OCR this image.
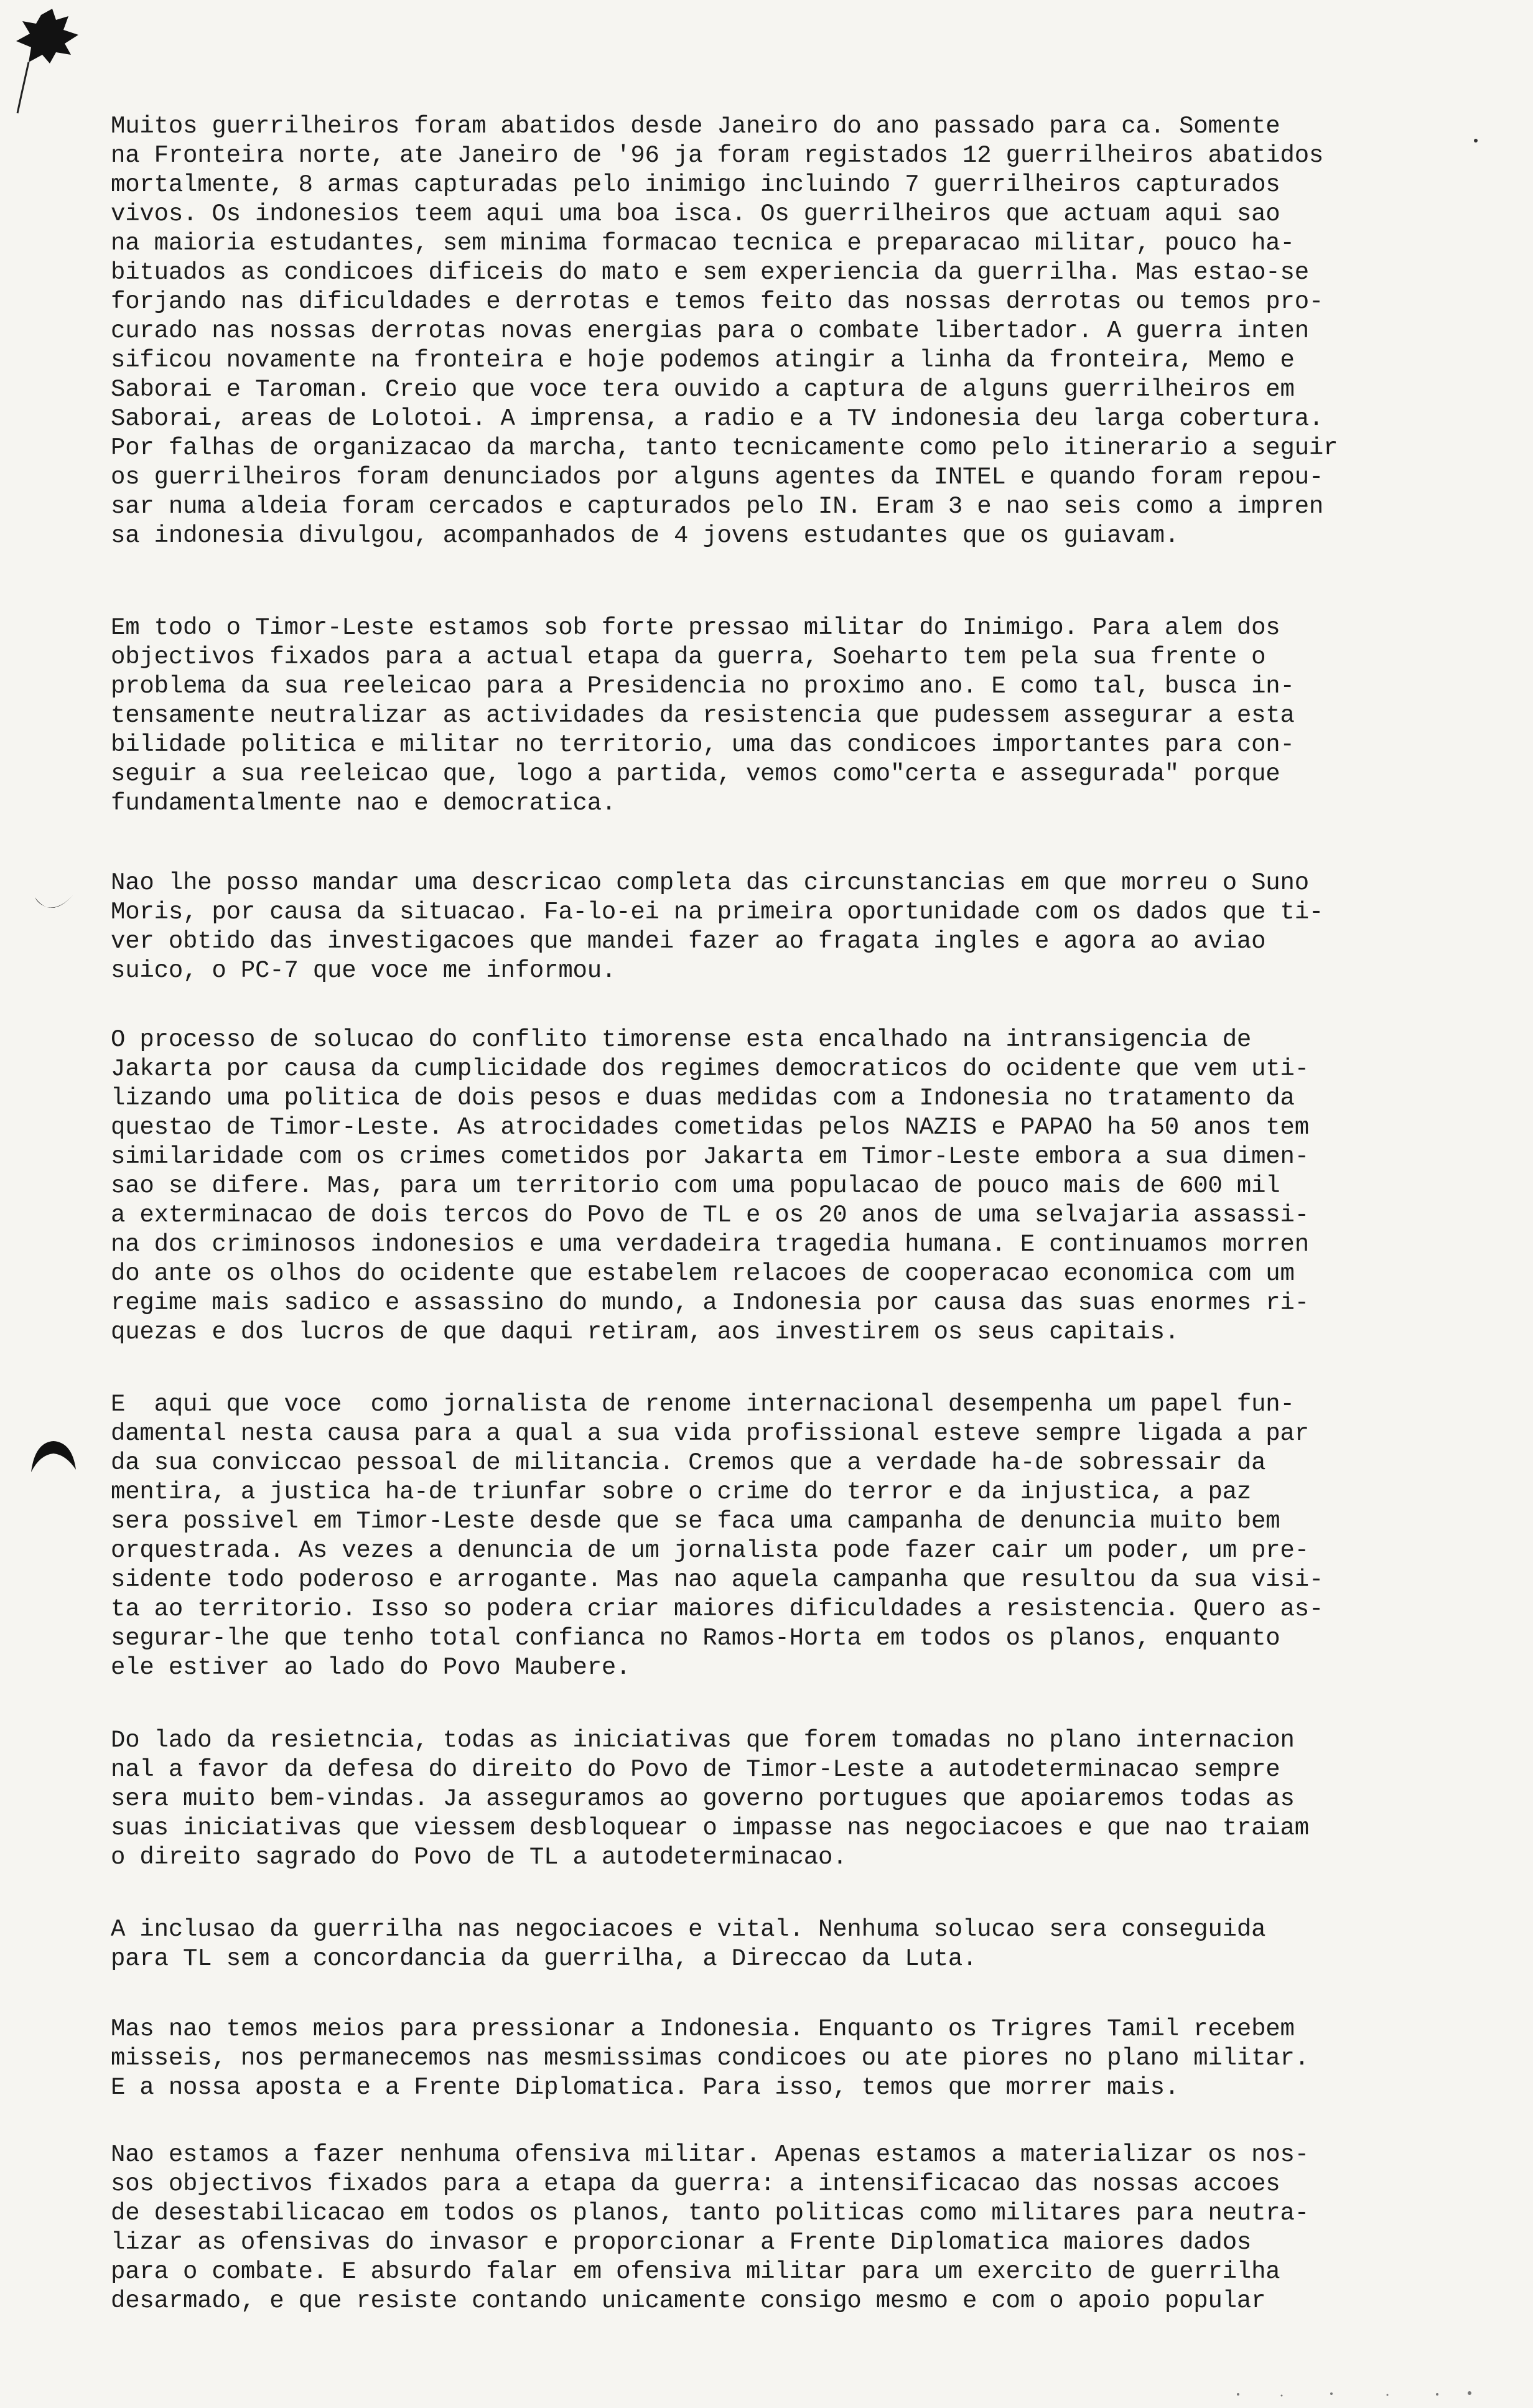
Muitos guerrilheiros foram abatidos desde Janeiro do ano passado para ca. Somente
na Fronteira norte, ate Janeiro de '96 ja foram registados 12 guerrilheiros abatidos
mortalmente, 8 armas capturadas pelo inimigo incluindo 7 guerrilheiros capturados
vivos. Os indonesios teem aqui uma boa isca. Os guerrilheiros que actuam aqui sao
na maioria estudantes, sem minima formacao tecnica e preparacao militar, pouco ha-
bituados as condicoes dificeis do mato e sem experiencia da guerrilha. Mas estao-se
forjando nas dificuldades e derrotas e temos feito das nossas derrotas ou temos pro-
curado nas nossas derrotas novas energias para o combate libertador. A guerra inten
sificou novamente na fronteira e hoje podemos atingir a linha da fronteira, Memo e
Saborai e Taroman. Creio que voce tera ouvido a captura de alguns guerrilheiros em
Saborai, areas de Lolotoi. A imprensa, a radio e a TV indonesia deu larga cobertura.
Por falhas de organizacao da marcha, tanto tecnicamente como pelo itinerario a seguir
os guerrilheiros foram denunciados por alguns agentes da INTEL e quando foram repou-
sar numa aldeia foram cercados e capturados pelo IN. Eram 3 e nao seis como a impren
sa indonesia divulgou, acompanhados de 4 jovens estudantes que os guiavam.
Em todo o Timor-Leste estamos sob forte pressao militar do Inimigo. Para alem dos
objectivos fixados para a actual etapa da guerra, Soeharto tem pela sua frente o
problema da sua reeleicao para a Presidencia no proximo ano. E como tal, busca in-
tensamente neutralizar as actividades da resistencia que pudessem assegurar a esta
bilidade politica e militar no territorio, uma das condicoes importantes para con-
seguir a sua reeleicao que, logo a partida, vemos como"certa e assegurada" porque
fundamentalmente nao e democratica.
Nao lhe posso mandar uma descricao completa das circunstancias em que morreu o Suno
Moris, por causa da situacao. Fa-lo-ei na primeira oportunidade com os dados que ti-
ver obtido das investigacoes que mandei fazer ao fragata ingles e agora ao aviao
suico, o PC-7 que voce me informou.
O processo de solucao do conflito timorense esta encalhado na intransigencia de
Jakarta por causa da cumplicidade dos regimes democraticos do ocidente que vem uti-
lizando uma politica de dois pesos e duas medidas com a Indonesia no tratamento da
questao de Timor-Leste. As atrocidades cometidas pelos NAZIS e PAPAO ha 50 anos tem
similaridade com os crimes cometidos por Jakarta em Timor-Leste embora a sua dimen-
sao se difere. Mas, para um territorio com uma populacao de pouco mais de 600 mil
a exterminacao de dois tercos do Povo de TL e os 20 anos de uma selvajaria assassi-
na dos criminosos indonesios e uma verdadeira tragedia humana. E continuamos morren
do ante os olhos do ocidente que estabelem relacoes de cooperacao economica com um
regime mais sadico e assassino do mundo, a Indonesia por causa das suas enormes ri-
quezas e dos lucros de que daqui retiram, aos investirem os seus capitais.
E  aqui que voce  como jornalista de renome internacional desempenha um papel fun-
damental nesta causa para a qual a sua vida profissional esteve sempre ligada a par
da sua conviccao pessoal de militancia. Cremos que a verdade ha-de sobressair da
mentira, a justica ha-de triunfar sobre o crime do terror e da injustica, a paz
sera possivel em Timor-Leste desde que se faca uma campanha de denuncia muito bem
orquestrada. As vezes a denuncia de um jornalista pode fazer cair um poder, um pre-
sidente todo poderoso e arrogante. Mas nao aquela campanha que resultou da sua visi-
ta ao territorio. Isso so podera criar maiores dificuldades a resistencia. Quero as-
segurar-lhe que tenho total confianca no Ramos-Horta em todos os planos, enquanto
ele estiver ao lado do Povo Maubere.
Do lado da resietncia, todas as iniciativas que forem tomadas no plano internacion
nal a favor da defesa do direito do Povo de Timor-Leste a autodeterminacao sempre
sera muito bem-vindas. Ja asseguramos ao governo portugues que apoiaremos todas as
suas iniciativas que viessem desbloquear o impasse nas negociacoes e que nao traiam
o direito sagrado do Povo de TL a autodeterminacao.
A inclusao da guerrilha nas negociacoes e vital. Nenhuma solucao sera conseguida
para TL sem a concordancia da guerrilha, a Direccao da Luta.
Mas nao temos meios para pressionar a Indonesia. Enquanto os Trigres Tamil recebem
misseis, nos permanecemos nas mesmissimas condicoes ou ate piores no plano militar.
E a nossa aposta e a Frente Diplomatica. Para isso, temos que morrer mais.
Nao estamos a fazer nenhuma ofensiva militar. Apenas estamos a materializar os nos-
sos objectivos fixados para a etapa da guerra: a intensificacao das nossas accoes
de desestabilicacao em todos os planos, tanto politicas como militares para neutra-
lizar as ofensivas do invasor e proporcionar a Frente Diplomatica maiores dados
para o combate. E absurdo falar em ofensiva militar para um exercito de guerrilha
desarmado, e que resiste contando unicamente consigo mesmo e com o apoio popular
